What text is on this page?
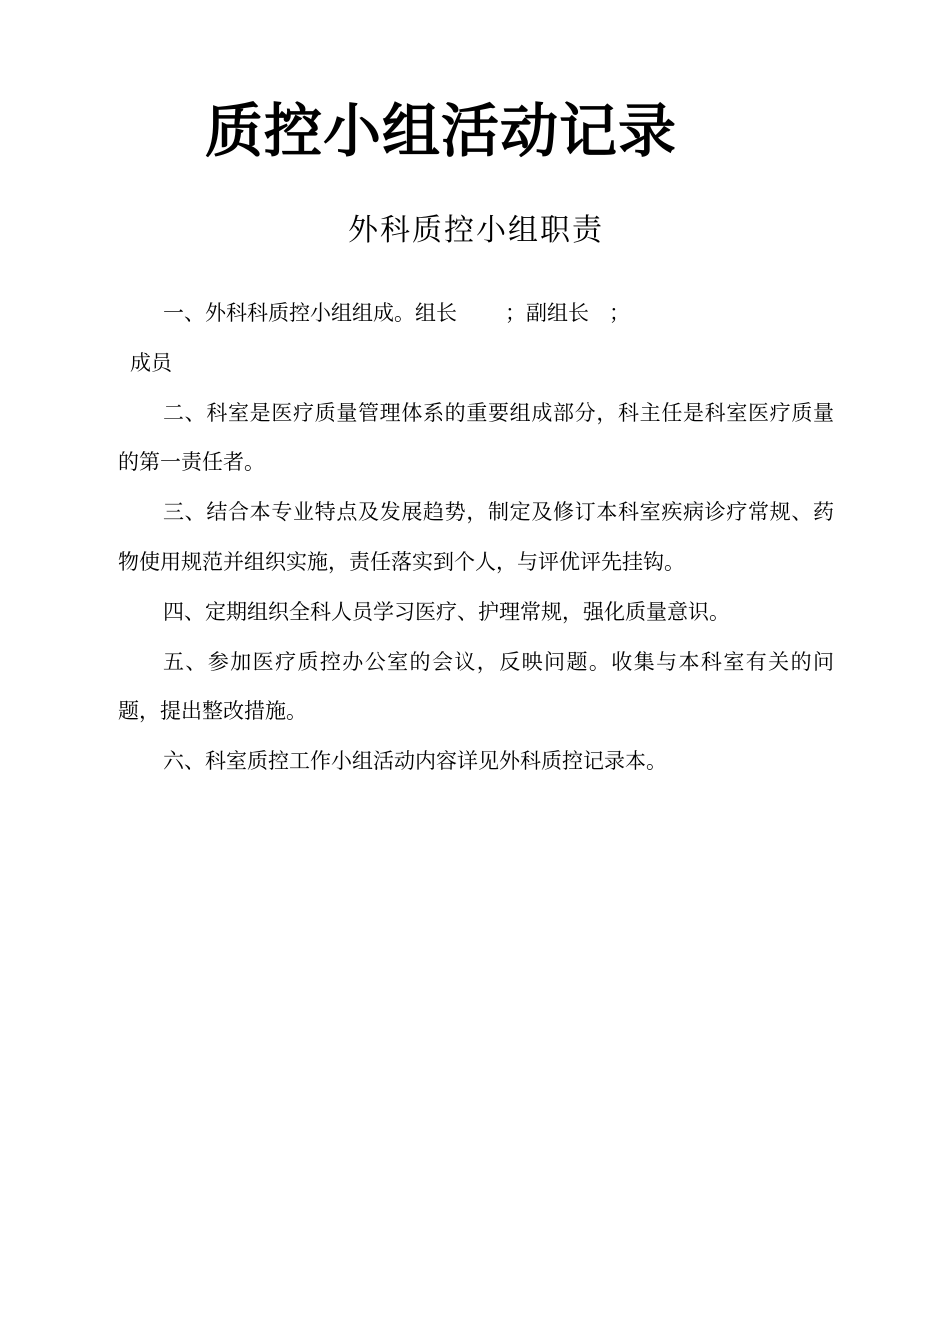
质控小组活动记录
外科质控小组职责

一、外科科质控小组组成。组长 ；副组长 ；

成员

二、科室是医疗质量管理体系的重要组成部分，科主任是科室医疗质量的第一责任者。

三、结合本专业特点及发展趋势，制定及修订本科室疾病诊疗常规、药物使用规范并组织实施，责任落实到个人，与评优评先挂钩。

四、定期组织全科人员学习医疗、护理常规，强化质量意识。

五、参加医疗质控办公室的会议，反映问题。收集与本科室有关的问题，提出整改措施。

六、科室质控工作小组活动内容详见外科质控记录本。
